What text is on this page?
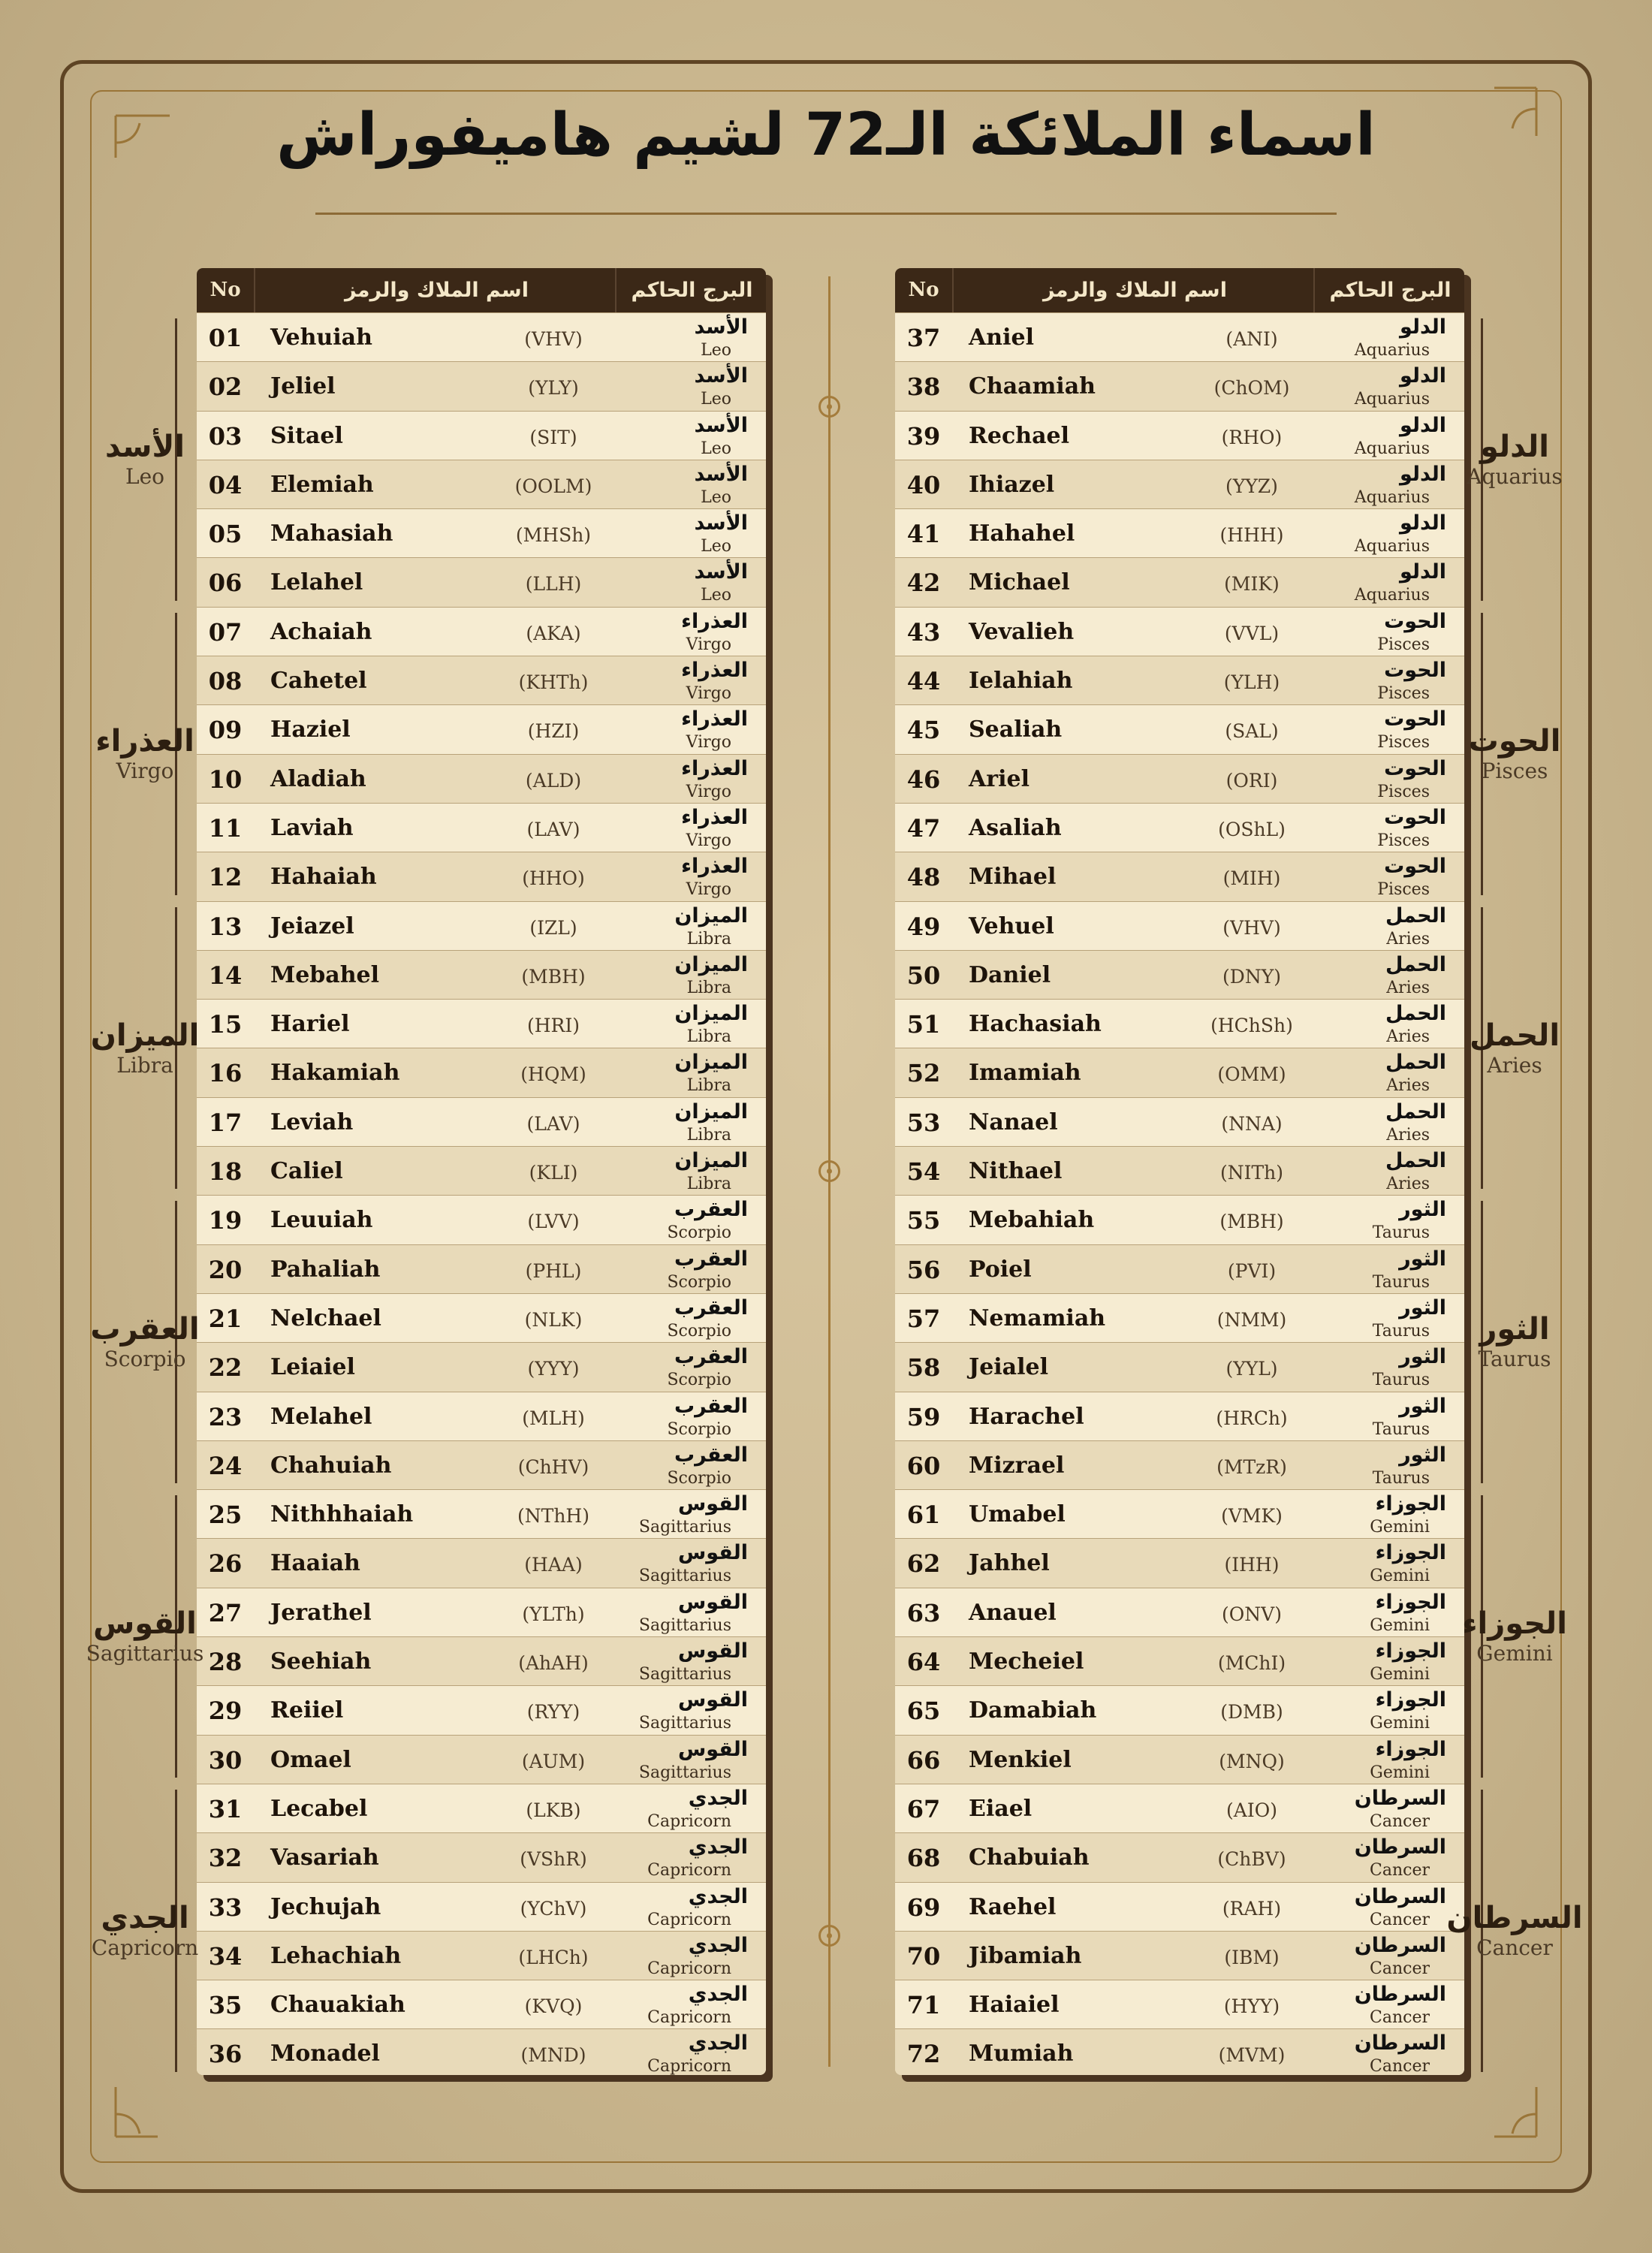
اسماء الملائكة الـ72 لشيم هاميفوراش
No	اسم الملاك والرمز	البرج الحاكم
01	Vehuiah	(VHV)
الأسد
Leo
02	Jeliel	(YLY)
الأسد
Leo
03	Sitael	(SIT)
الأسد
Leo
04	Elemiah	(OOLM)
الأسد
Leo
05	Mahasiah	(MHSh)
الأسد
Leo
06	Lelahel	(LLH)
الأسد
Leo
07	Achaiah	(AKA)
العذراء
Virgo
08	Cahetel	(KHTh)
العذراء
Virgo
09	Haziel	(HZI)
العذراء
Virgo
10	Aladiah	(ALD)
العذراء
Virgo
11	Laviah	(LAV)
العذراء
Virgo
12	Hahaiah	(HHO)
العذراء
Virgo
13	Jeiazel	(IZL)
الميزان
Libra
14	Mebahel	(MBH)
الميزان
Libra
15	Hariel	(HRI)
الميزان
Libra
16	Hakamiah	(HQM)
الميزان
Libra
17	Leviah	(LAV)
الميزان
Libra
18	Caliel	(KLI)
الميزان
Libra
19	Leuuiah	(LVV)
العقرب
Scorpio
20	Pahaliah	(PHL)
العقرب
Scorpio
21	Nelchael	(NLK)
العقرب
Scorpio
22	Leiaiel	(YYY)
العقرب
Scorpio
23	Melahel	(MLH)
العقرب
Scorpio
24	Chahuiah	(ChHV)
العقرب
Scorpio
25	Nithhhaiah	(NThH)
القوس
Sagittarius
26	Haaiah	(HAA)
القوس
Sagittarius
27	Jerathel	(YLTh)
القوس
Sagittarius
28	Seehiah	(AhAH)
القوس
Sagittarius
29	Reiiel	(RYY)
القوس
Sagittarius
30	Omael	(AUM)
القوس
Sagittarius
31	Lecabel	(LKB)
الجدي
Capricorn
32	Vasariah	(VShR)
الجدي
Capricorn
33	Jechujah	(YChV)
الجدي
Capricorn
34	Lehachiah	(LHCh)
الجدي
Capricorn
35	Chauakiah	(KVQ)
الجدي
Capricorn
36	Monadel	(MND)
الجدي
Capricorn
No	اسم الملاك والرمز	البرج الحاكم
37	Aniel	(ANI)
الدلو
Aquarius
38	Chaamiah	(ChOM)
الدلو
Aquarius
39	Rechael	(RHO)
الدلو
Aquarius
40	Ihiazel	(YYZ)
الدلو
Aquarius
41	Hahahel	(HHH)
الدلو
Aquarius
42	Michael	(MIK)
الدلو
Aquarius
43	Vevalieh	(VVL)
الحوت
Pisces
44	Ielahiah	(YLH)
الحوت
Pisces
45	Sealiah	(SAL)
الحوت
Pisces
46	Ariel	(ORI)
الحوت
Pisces
47	Asaliah	(OShL)
الحوت
Pisces
48	Mihael	(MIH)
الحوت
Pisces
49	Vehuel	(VHV)
الحمل
Aries
50	Daniel	(DNY)
الحمل
Aries
51	Hachasiah	(HChSh)
الحمل
Aries
52	Imamiah	(OMM)
الحمل
Aries
53	Nanael	(NNA)
الحمل
Aries
54	Nithael	(NITh)
الحمل
Aries
55	Mebahiah	(MBH)
الثور
Taurus
56	Poiel	(PVI)
الثور
Taurus
57	Nemamiah	(NMM)
الثور
Taurus
58	Jeialel	(YYL)
الثور
Taurus
59	Harachel	(HRCh)
الثور
Taurus
60	Mizrael	(MTzR)
الثور
Taurus
61	Umabel	(VMK)
الجوزاء
Gemini
62	Jahhel	(IHH)
الجوزاء
Gemini
63	Anauel	(ONV)
الجوزاء
Gemini
64	Mecheiel	(MChI)
الجوزاء
Gemini
65	Damabiah	(DMB)
الجوزاء
Gemini
66	Menkiel	(MNQ)
الجوزاء
Gemini
67	Eiael	(AIO)
السرطان
Cancer
68	Chabuiah	(ChBV)
السرطان
Cancer
69	Raehel	(RAH)
السرطان
Cancer
70	Jibamiah	(IBM)
السرطان
Cancer
71	Haiaiel	(HYY)
السرطان
Cancer
72	Mumiah	(MVM)
السرطان
Cancer
الأسد
Leo
العذراء
Virgo
الميزان
Libra
العقرب
Scorpio
القوس
Sagittarius
الجدي
Capricorn
الدلو
Aquarius
الحوت
Pisces
الحمل
Aries
الثور
Taurus
الجوزاء
Gemini
السرطان
Cancer
